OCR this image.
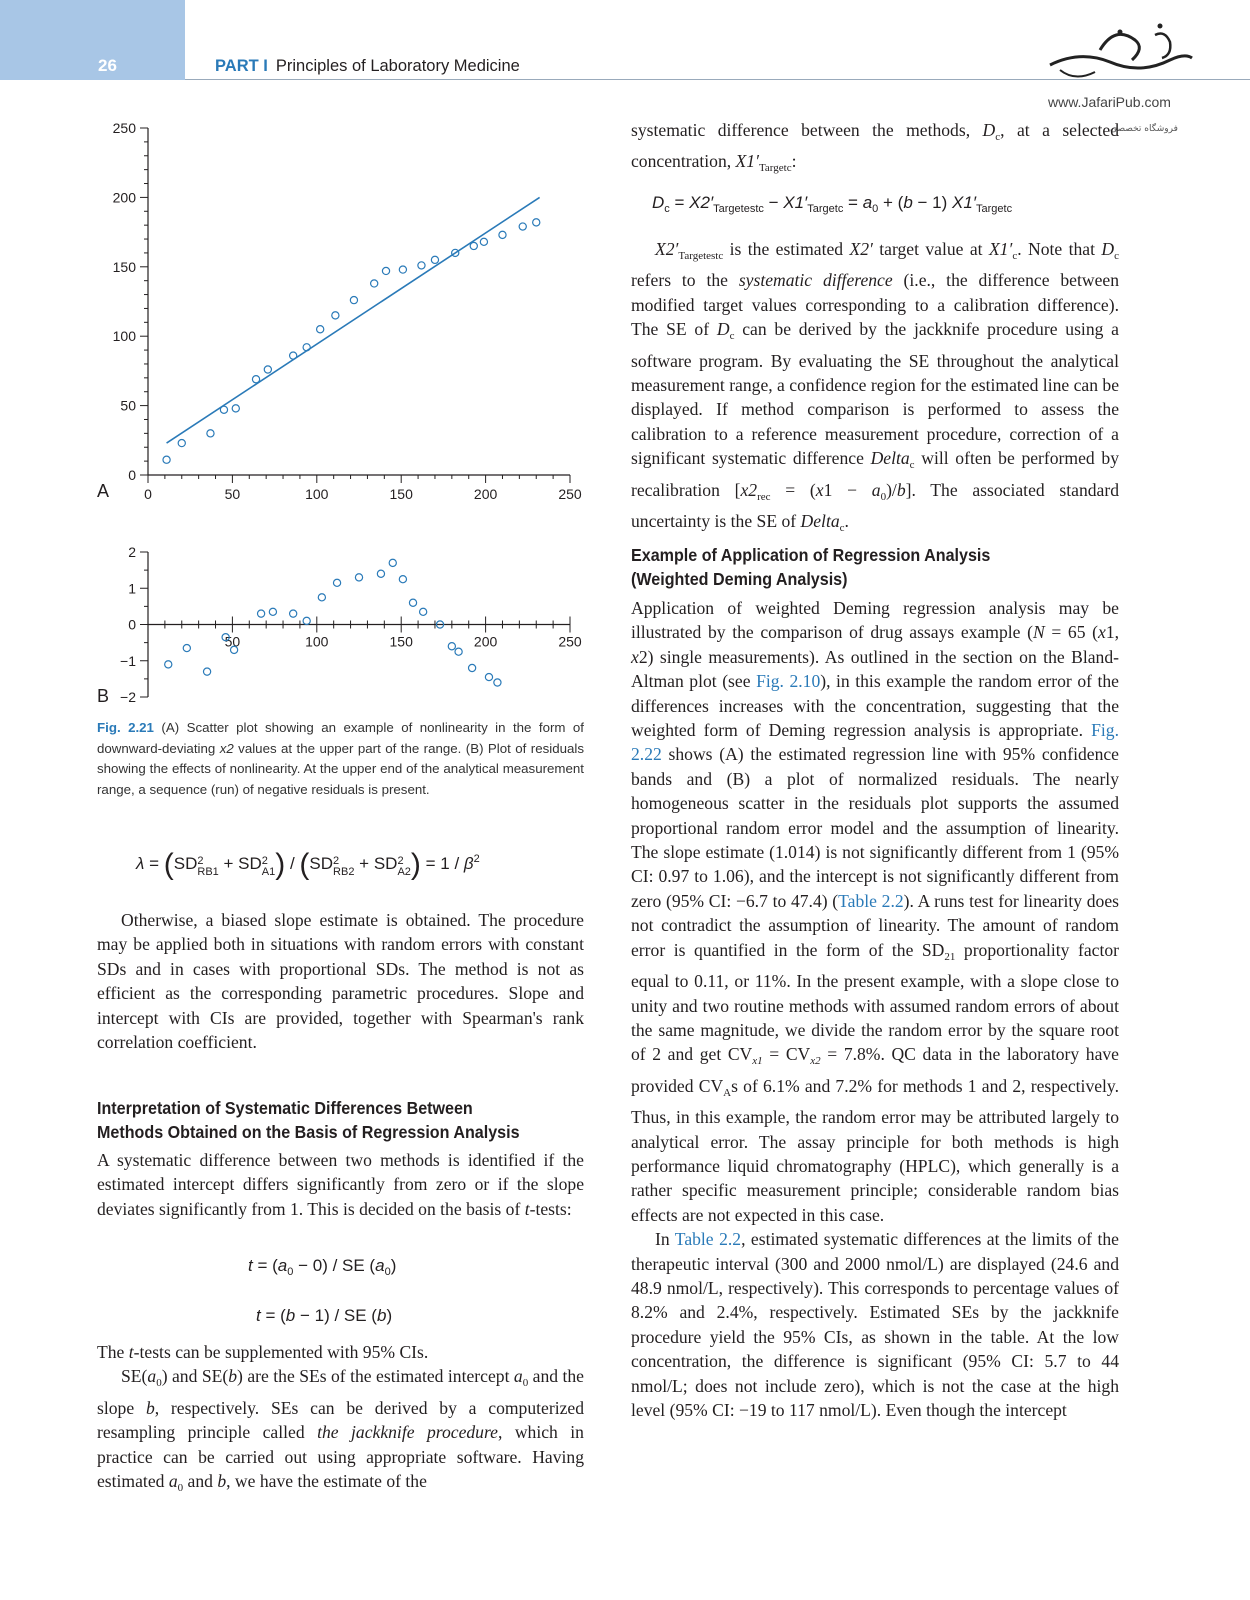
26	PART I Principles of Laboratory Medicine
www.JafariPub.com
فروشگاه تخصصی
0
50
100
150
200
250
0	50	100	150	200	250
A
2
1
0
−1
−2
50	100	150	200	250
B
Fig. 2.21 (A) Scatter plot showing an example of nonlinearity in the form of downward-deviating x2 values at the upper part of the range. (B) Plot of residuals showing the effects of nonlinearity. At the upper end of the analytical measurement range, a sequence (run) of negative residuals is present.
λ = (SD2
RB1 + SD2
A1) / (SD2
RB2 + SD2
$A2) = 1 / \beta^2$

Otherwise, a biased slope estimate is obtained. The procedure may be applied both in situations with random errors with constant SDs and in cases with proportional SDs. The method is not as efficient as the corresponding parametric procedures. Slope and intercept with CIs are provided, together with Spearman's rank correlation coefficient.

Interpretation of Systematic Differences Between
Methods Obtained on the Basis of Regression Analysis

A systematic difference between two methods is identified if the estimated intercept differs significantly from zero or if the slope deviates significantly from 1. This is decided on the basis of t-tests:

$t = (a_0 - 0)$ / SE $(a_0)$
t = (b − 1) / SE (b)

The t-tests can be supplemented with 95% CIs.

$SE(a_0)$ and SE(b) are the SEs of the estimated intercept $a_0$ and the slope b, respectively. SEs can be derived by a computerized resampling principle called the jackknife procedure, which in practice can be carried out using appropriate software. Having estimated $a_0$ and b, we have the estimate of the

systematic difference between the methods, $D_c$, at a selected concentration, $X1'_{Targetc}$:

$D_c = X2'_{Targetestc} - X1'_{Targetc} = a_0 + (b - 1)$ $X1'_{Targetc}$

$X2'_{Targetestc}$ is the estimated X2′ target value at $X1'_c$. Note that $D_c$ refers to the systematic difference (i.e., the difference between modified target values corresponding to a calibration difference). The SE of $D_c$ can be derived by the jackknife procedure using a software program. By evaluating the SE throughout the analytical measurement range, a confidence region for the estimated line can be displayed. If method comparison is performed to assess the calibration to a reference measurement procedure, correction of a significant systematic difference Delta$_c$ will often be performed by recalibration $[x2_{rec} = (x1 - a_0)/b]$. The associated standard uncertainty is the SE of Delta$_c$.

Example of Application of Regression Analysis
(Weighted Deming Analysis)

Application of weighted Deming regression analysis may be illustrated by the comparison of drug assays example (N = 65 (x1, x2) single measurements). As outlined in the section on the Bland-Altman plot (see Fig. 2.10), in this example the random error of the differences increases with the concentration, suggesting that the weighted form of Deming regression analysis is appropriate. Fig. 2.22 shows (A) the estimated regression line with 95% confidence bands and (B) a plot of normalized residuals. The nearly homogeneous scatter in the residuals plot supports the assumed proportional random error model and the assumption of linearity. The slope estimate (1.014) is not significantly different from 1 (95% CI: 0.97 to 1.06), and the intercept is not significantly different from zero (95% CI: −6.7 to 47.4) (Table 2.2). A runs test for linearity does not contradict the assumption of linearity. The amount of random error is quantified in the form of the $SD_{21}$ proportionality factor equal to 0.11, or 11%. In the present example, with a slope close to unity and two routine methods with assumed random errors of about the same magnitude, we divide the random error by the square root of 2 and get $CV_{x1} = CV_{x2} = 7.8\%$. QC data in the laboratory have provided $CV_As$ of 6.1% and 7.2% for methods 1 and 2, respectively. Thus, in this example, the random error may be attributed largely to analytical error. The assay principle for both methods is high performance liquid chromatography (HPLC), which generally is a rather specific measurement principle; considerable random bias effects are not expected in this case.

In Table 2.2, estimated systematic differences at the limits of the therapeutic interval (300 and 2000 nmol/L) are displayed (24.6 and 48.9 nmol/L, respectively). This corresponds to percentage values of 8.2% and 2.4%, respectively. Estimated SEs by the jackknife procedure yield the 95% CIs, as shown in the table. At the low concentration, the difference is significant (95% CI: 5.7 to 44 nmol/L; does not include zero), which is not the case at the high level (95% CI: −19 to 117 nmol/L). Even though the intercept
